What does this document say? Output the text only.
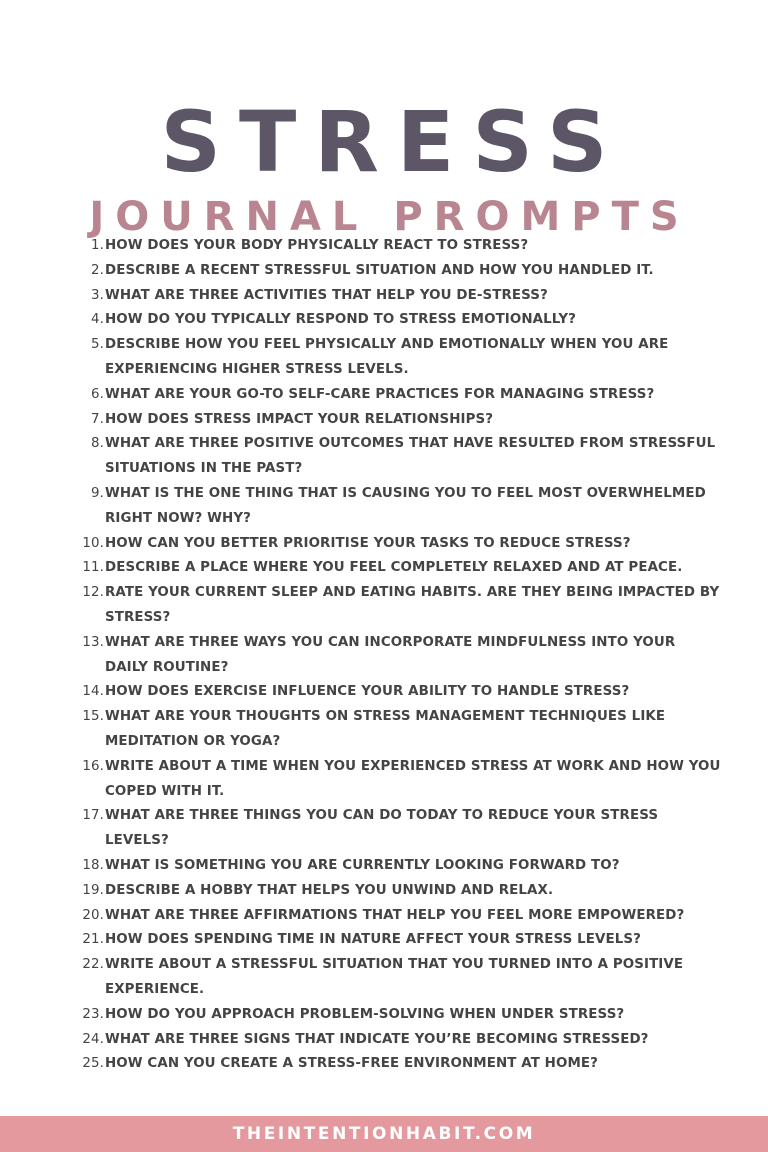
STRESS
JOURNAL PROMPTS
1. HOW DOES YOUR BODY PHYSICALLY REACT TO STRESS?
2. DESCRIBE A RECENT STRESSFUL SITUATION AND HOW YOU HANDLED IT.
3. WHAT ARE THREE ACTIVITIES THAT HELP YOU DE-STRESS?
4. HOW DO YOU TYPICALLY RESPOND TO STRESS EMOTIONALLY?
5. DESCRIBE HOW YOU FEEL PHYSICALLY AND EMOTIONALLY WHEN YOU ARE EXPERIENCING HIGHER STRESS LEVELS.
6. WHAT ARE YOUR GO-TO SELF-CARE PRACTICES FOR MANAGING STRESS?
7. HOW DOES STRESS IMPACT YOUR RELATIONSHIPS?
8. WHAT ARE THREE POSITIVE OUTCOMES THAT HAVE RESULTED FROM STRESSFUL SITUATIONS IN THE PAST?
9. WHAT IS THE ONE THING THAT IS CAUSING YOU TO FEEL MOST OVERWHELMED RIGHT NOW? WHY?
10. HOW CAN YOU BETTER PRIORITISE YOUR TASKS TO REDUCE STRESS?
11. DESCRIBE A PLACE WHERE YOU FEEL COMPLETELY RELAXED AND AT PEACE.
12. RATE YOUR CURRENT SLEEP AND EATING HABITS. ARE THEY BEING IMPACTED BY STRESS?
13. WHAT ARE THREE WAYS YOU CAN INCORPORATE MINDFULNESS INTO YOUR DAILY ROUTINE?
14. HOW DOES EXERCISE INFLUENCE YOUR ABILITY TO HANDLE STRESS?
15. WHAT ARE YOUR THOUGHTS ON STRESS MANAGEMENT TECHNIQUES LIKE MEDITATION OR YOGA?
16. WRITE ABOUT A TIME WHEN YOU EXPERIENCED STRESS AT WORK AND HOW YOU COPED WITH IT.
17. WHAT ARE THREE THINGS YOU CAN DO TODAY TO REDUCE YOUR STRESS LEVELS?
18. WHAT IS SOMETHING YOU ARE CURRENTLY LOOKING FORWARD TO?
19. DESCRIBE A HOBBY THAT HELPS YOU UNWIND AND RELAX.
20. WHAT ARE THREE AFFIRMATIONS THAT HELP YOU FEEL MORE EMPOWERED?
21. HOW DOES SPENDING TIME IN NATURE AFFECT YOUR STRESS LEVELS?
22. WRITE ABOUT A STRESSFUL SITUATION THAT YOU TURNED INTO A POSITIVE EXPERIENCE.
23. HOW DO YOU APPROACH PROBLEM-SOLVING WHEN UNDER STRESS?
24. WHAT ARE THREE SIGNS THAT INDICATE YOU’RE BECOMING STRESSED?
25. HOW CAN YOU CREATE A STRESS-FREE ENVIRONMENT AT HOME?
THEINTENTIONHABIT.COM
